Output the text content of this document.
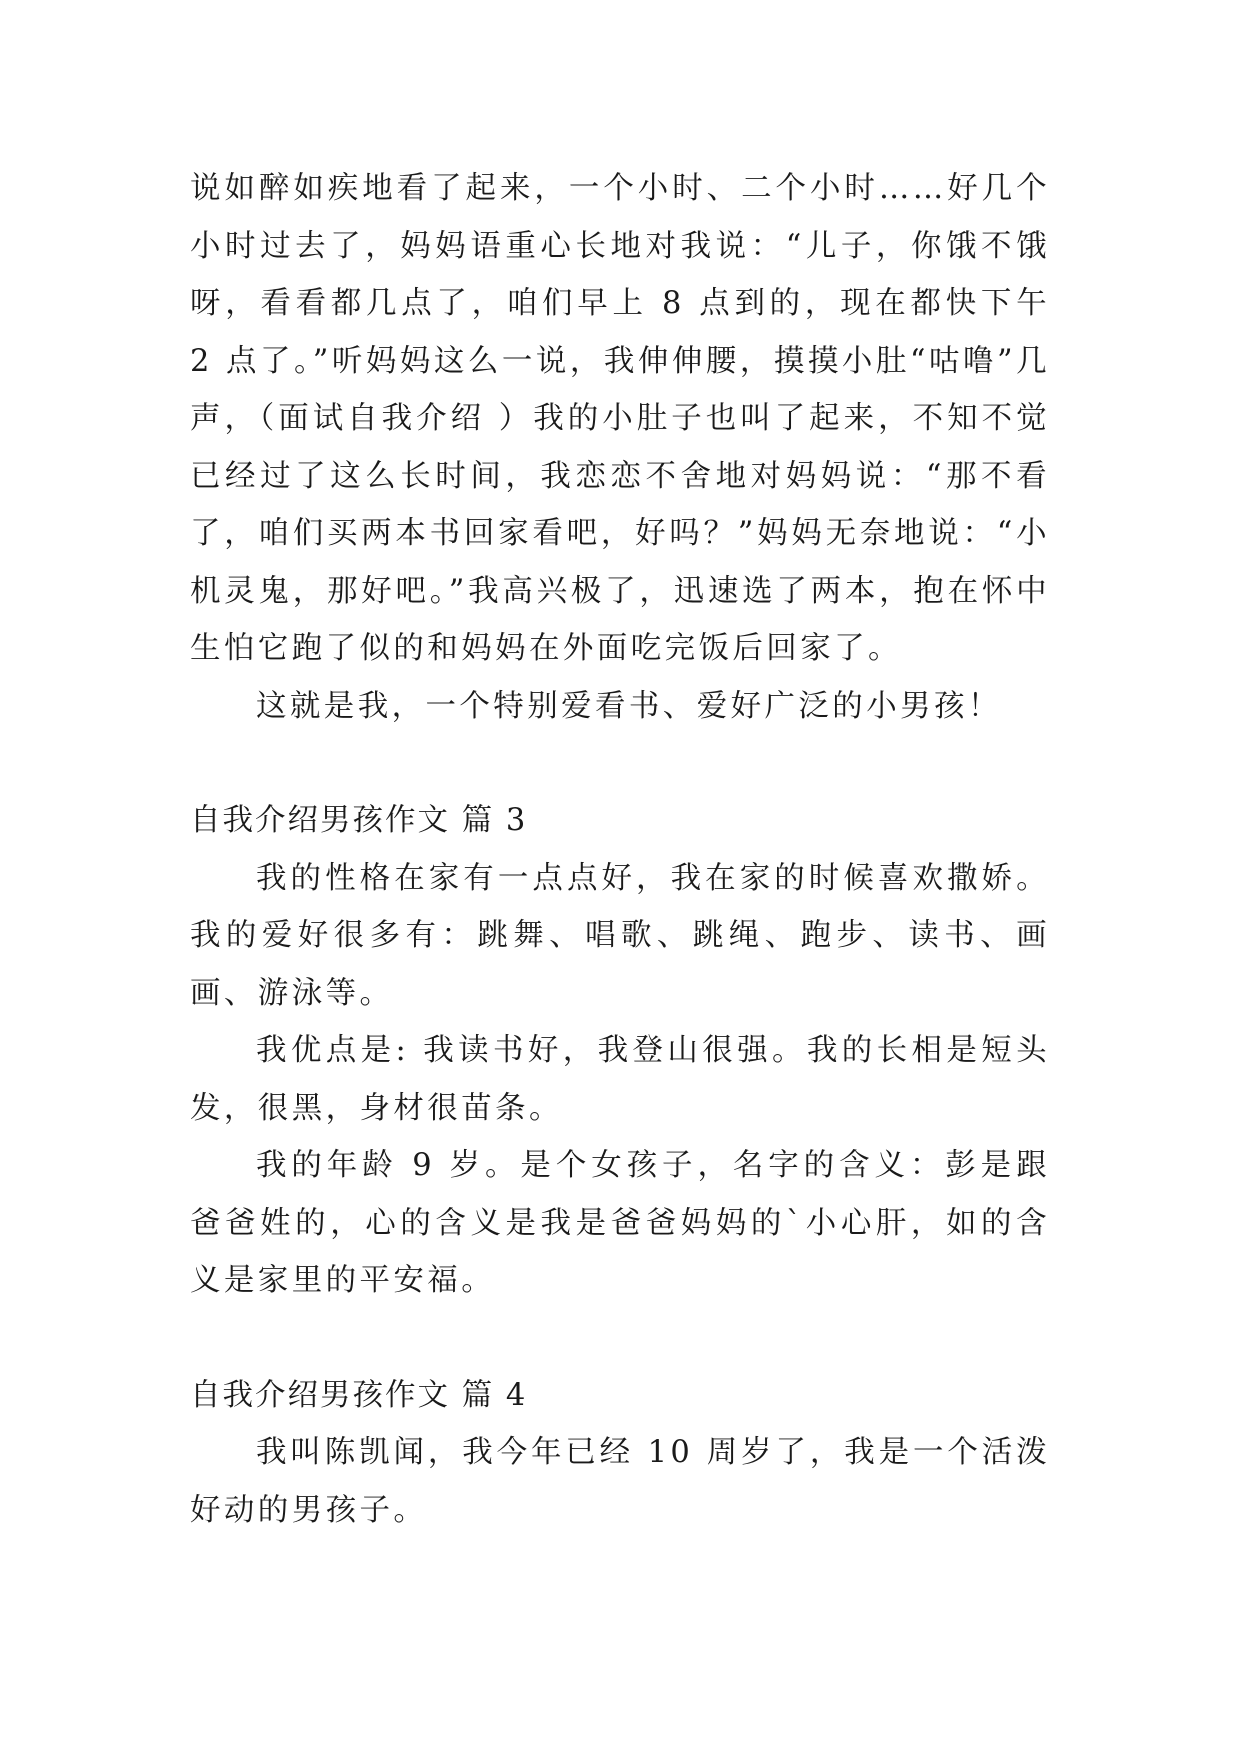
说如醉如疾地看了起来，一个小时、二个小时……好几个小时过去了，妈妈语重心长地对我说：“儿子，你饿不饿呀，看看都几点了，咱们早上 8 点到的，现在都快下午 2 点了。”听妈妈这么一说，我伸伸腰，摸摸小肚“咕噜”几声，（面试自我介绍 ）我的小肚子也叫了起来，不知不觉已经过了这么长时间，我恋恋不舍地对妈妈说：“那不看了，咱们买两本书回家看吧，好吗？”妈妈无奈地说：“小机灵鬼，那好吧。”我高兴极了，迅速选了两本，抱在怀中生怕它跑了似的和妈妈在外面吃完饭后回家了。

这就是我，一个特别爱看书、爱好广泛的小男孩！

自我介绍男孩作文 篇 3

我的性格在家有一点点好，我在家的时候喜欢撒娇。我的爱好很多有：跳舞、唱歌、跳绳、跑步、读书、画画、游泳等。

我优点是: 我读书好，我登山很强。我的长相是短头发，很黑，身材很苗条。

我的年龄 9 岁。是个女孩子，名字的含义：彭是跟爸爸姓的，心的含义是我是爸爸妈妈的`小心肝，如的含义是家里的平安福。

自我介绍男孩作文 篇 4

我叫陈凯闻，我今年已经 10 周岁了，我是一个活泼好动的男孩子。
